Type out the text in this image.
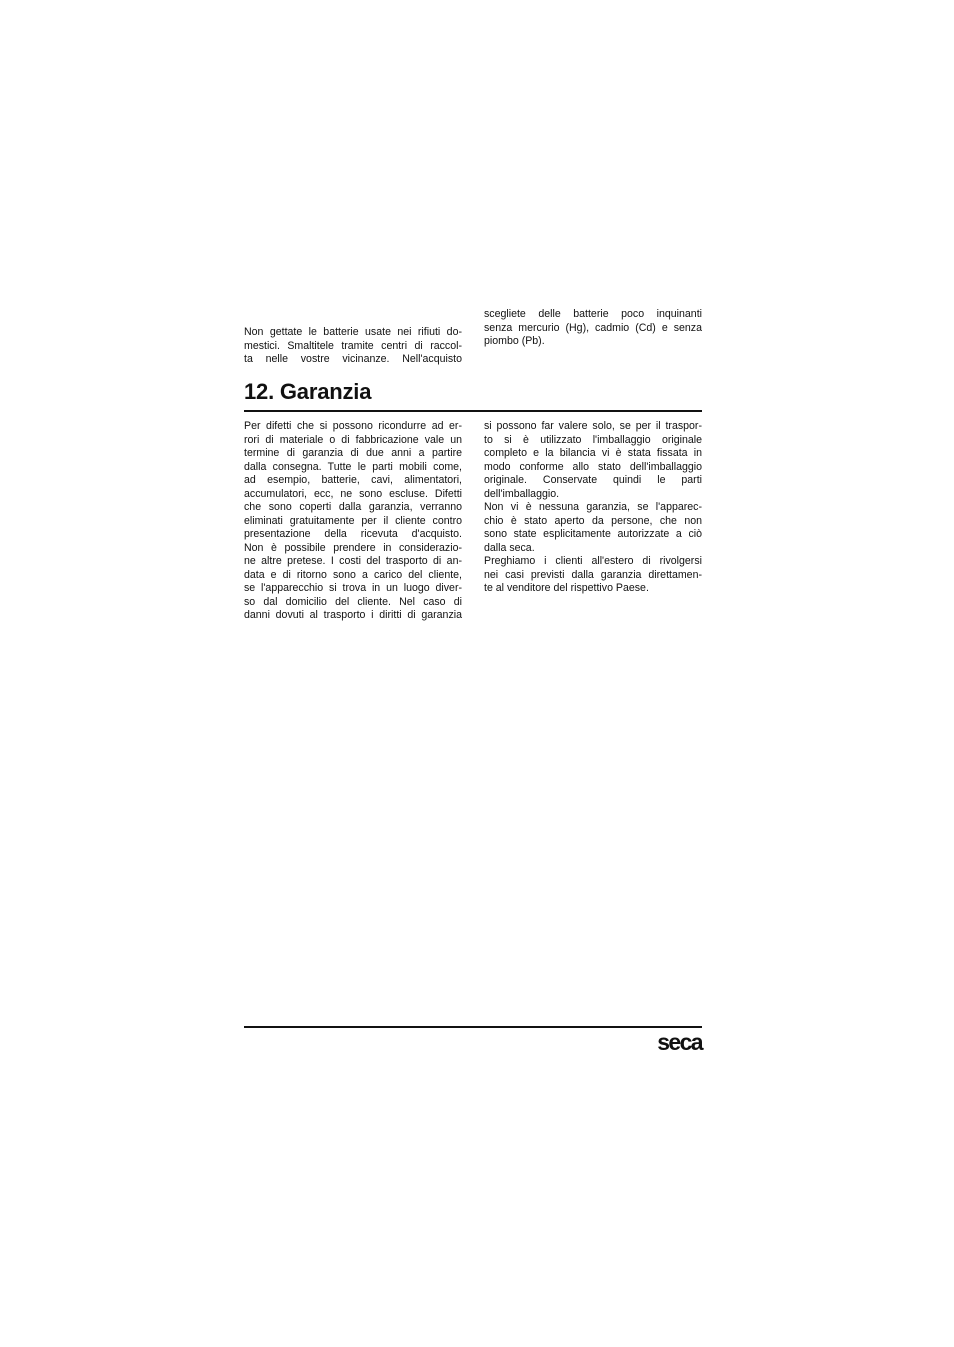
Non gettate le batterie usate nei rifiuti do-
mestici. Smaltitele tramite centri di raccol-
ta nelle vostre vicinanze. Nell'acquisto
scegliete delle batterie poco inquinanti
senza mercurio (Hg), cadmio (Cd) e senza
piombo (Pb).
12. Garanzia
Per difetti che si possono ricondurre ad er-
rori di materiale o di fabbricazione vale un
termine di garanzia di due anni a partire
dalla consegna. Tutte le parti mobili come,
ad esempio, batterie, cavi, alimentatori,
accumulatori, ecc, ne sono escluse. Difetti
che sono coperti dalla garanzia, verranno
eliminati gratuitamente per il cliente contro
presentazione della ricevuta d'acquisto.
Non è possibile prendere in considerazio-
ne altre pretese. I costi del trasporto di an-
data e di ritorno sono a carico del cliente,
se l'apparecchio si trova in un luogo diver-
so dal domicilio del cliente. Nel caso di
danni dovuti al trasporto i diritti di garanzia
si possono far valere solo, se per il traspor-
to si è utilizzato l'imballaggio originale
completo e la bilancia vi è stata fissata in
modo conforme allo stato dell'imballaggio
originale. Conservate quindi le parti
dell'imballaggio.
Non vi è nessuna garanzia, se l'apparec-
chio è stato aperto da persone, che non
sono state esplicitamente autorizzate a ciò
dalla seca.
Preghiamo i clienti all'estero di rivolgersi
nei casi previsti dalla garanzia direttamen-
te al venditore del rispettivo Paese.
seca
